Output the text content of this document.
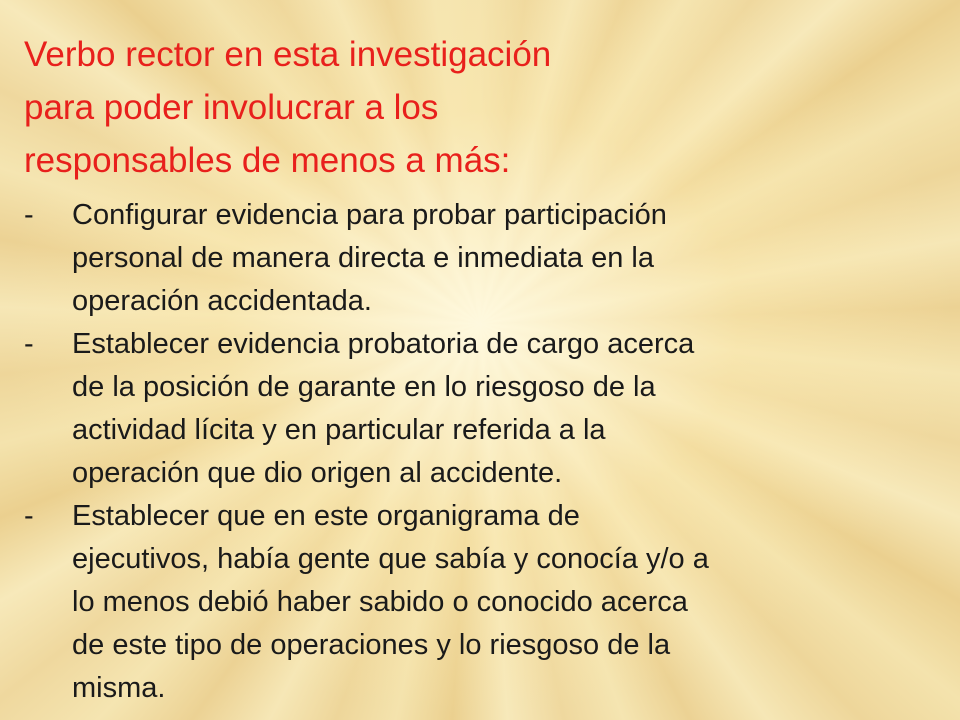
Verbo rector en esta investigación
para poder involucrar a los
responsables de menos a más:
-	Configurar evidencia para probar participación
personal de manera directa e inmediata en la
operación accidentada.
-	Establecer evidencia probatoria de cargo acerca
de la posición de garante en lo riesgoso de la
actividad lícita y en particular referida a la
operación que dio origen al accidente.
-	Establecer que en este organigrama de
ejecutivos, había gente que sabía y conocía y/o a
lo menos debió haber sabido o conocido acerca
de este tipo de operaciones y lo riesgoso de la
misma.
